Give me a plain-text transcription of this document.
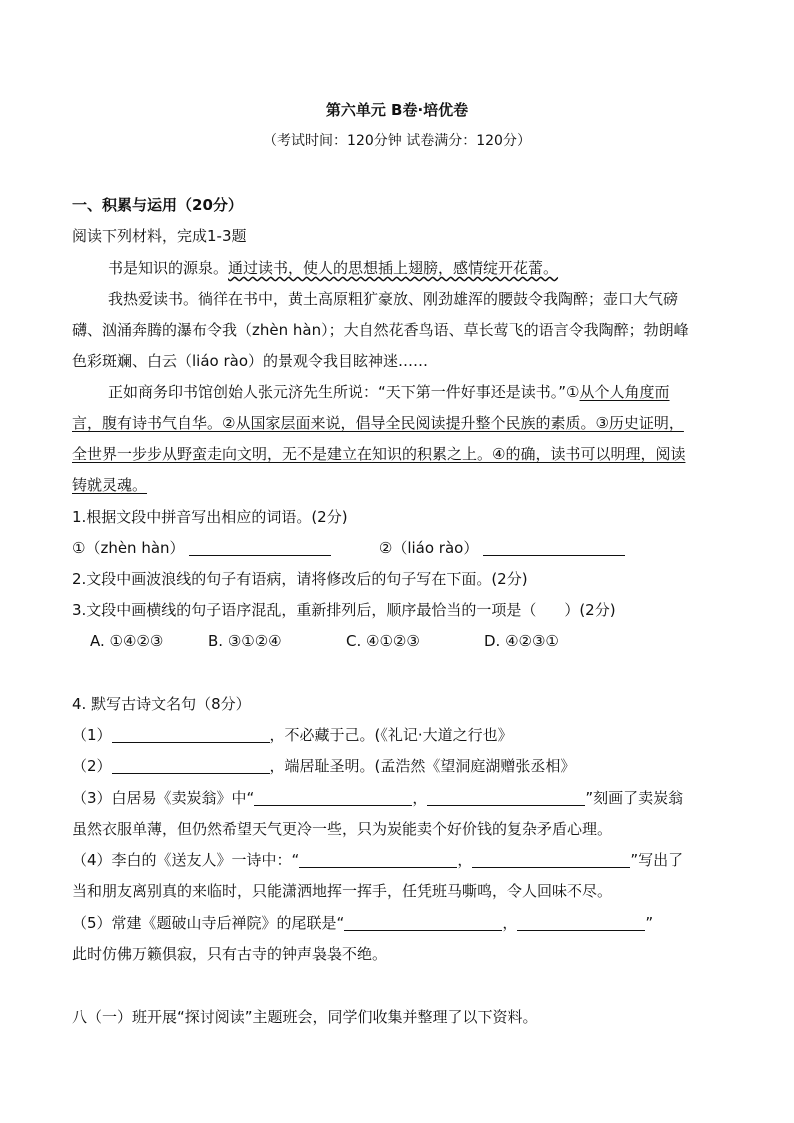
第六单元 B卷·培优卷
（考试时间：120分钟 试卷满分：120分）
一、积累与运用（20分）
阅读下列材料，完成1-3题
书是知识的源泉。通过读书，使人的思想插上翅膀，感情绽开花蕾。
我热爱读书。徜徉在书中，黄土高原粗犷豪放、刚劲雄浑的腰鼓令我陶醉；壶口大气磅
礴、汹涌奔腾的瀑布令我（zhèn hàn）；大自然花香鸟语、草长莺飞的语言令我陶醉；勃朗峰
色彩斑斓、白云（liáo rào）的景观令我目眩神迷……
正如商务印书馆创始人张元济先生所说：“天下第一件好事还是读书。”①从个人角度而
言，腹有诗书气自华。②从国家层面来说，倡导全民阅读提升整个民族的素质。③历史证明，
全世界一步步从野蛮走向文明，无不是建立在知识的积累之上。④的确，读书可以明理，阅读
铸就灵魂。
1.根据文段中拼音写出相应的词语。(2分)
①（zhèn hàn）	②（liáo rào）
2.文段中画波浪线的句子有语病，请将修改后的句子写在下面。(2分)
3.文段中画横线的句子语序混乱，重新排列后，顺序最恰当的一项是（ ）(2分)
A. ①④②③	B. ③①②④	C. ④①②③	D. ④②③①
4. 默写古诗文名句（8分）
（1）	，不必藏于己。(《礼记·大道之行也》
（2）	，端居耻圣明。(孟浩然《望洞庭湖赠张丞相》
（3）白居易《卖炭翁》中“	，	”刻画了卖炭翁
虽然衣服单薄，但仍然希望天气更冷一些，只为炭能卖个好价钱的复杂矛盾心理。
（4）李白的《送友人》一诗中：“	，	”写出了
当和朋友离别真的来临时，只能潇洒地挥一挥手，任凭班马嘶鸣，令人回味不尽。
（5）常建《题破山寺后禅院》的尾联是“	，	”
此时仿佛万籁俱寂，只有古寺的钟声袅袅不绝。
八（一）班开展“探讨阅读”主题班会，同学们收集并整理了以下资料。
